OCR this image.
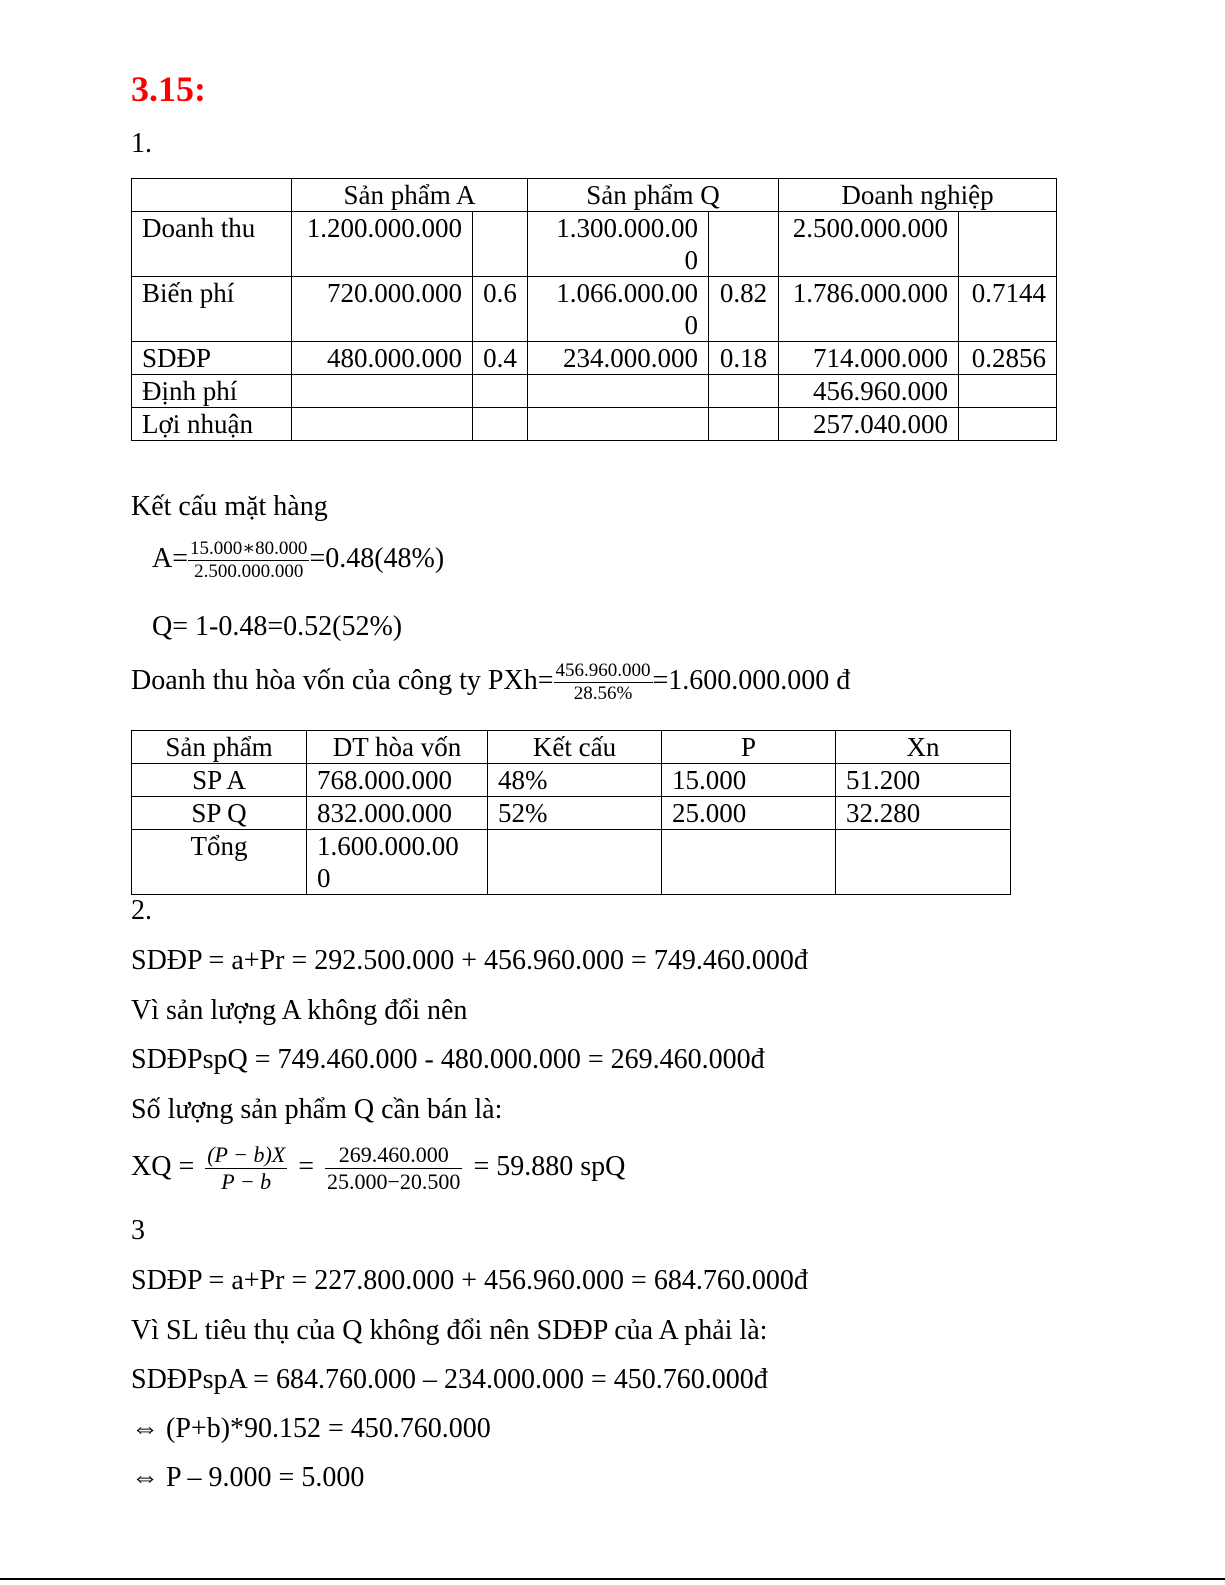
3.15:
1.
	Sản phẩm A		Sản phẩm Q		Doanh nghiệp	
Doanh thu	1.200.000.000		1.300.000.00 0		2.500.000.000	
Biến phí	720.000.000	0.6	1.066.000.00 0	0.82	1.786.000.000	0.7144
SDĐP	480.000.000	0.4	234.000.000	0.18	714.000.000	0.2856
Định phí					456.960.000	
Lợi nhuận					257.040.000	
Kết cấu mặt hàng
$A= \frac{15.000∗80.000}{2.500.000.000} =0.48(48\%)$
Q= 1-0.48=0.52(52%)
Doanh thu hòa vốn của công ty $PXh= \frac{456.960.000}{28.56\%} =1.600.000.000$ đ
Sản phẩm	DT hòa vốn	Kết cấu	P	Xn
SP A	768.000.000	48%	15.000	51.200
SP Q	832.000.000	52%	25.000	32.280
Tổng	1.600.000.00 0			
2.
SDĐP = a+Pr = 292.500.000 + 456.960.000 = 749.460.000đ
Vì sản lượng A không đổi nên
SDĐPspQ = 749.460.000 - 480.000.000 = 269.460.000đ
Số lượng sản phẩm Q cần bán là:
XQ = $\frac{(P - b)X}{P - b} = \frac{269.460.000}{25.000-20.500} = 59.880$ spQ
3
SDĐP = a+Pr = 227.800.000 + 456.960.000 = 684.760.000đ
Vì SL tiêu thụ của Q không đổi nên SDĐP của A phải là:
SDĐPspA = 684.760.000 – 234.000.000 = 450.760.000đ
⇔ (P+b)*90.152 = 450.760.000
⇔ P – 9.000 = 5.000
